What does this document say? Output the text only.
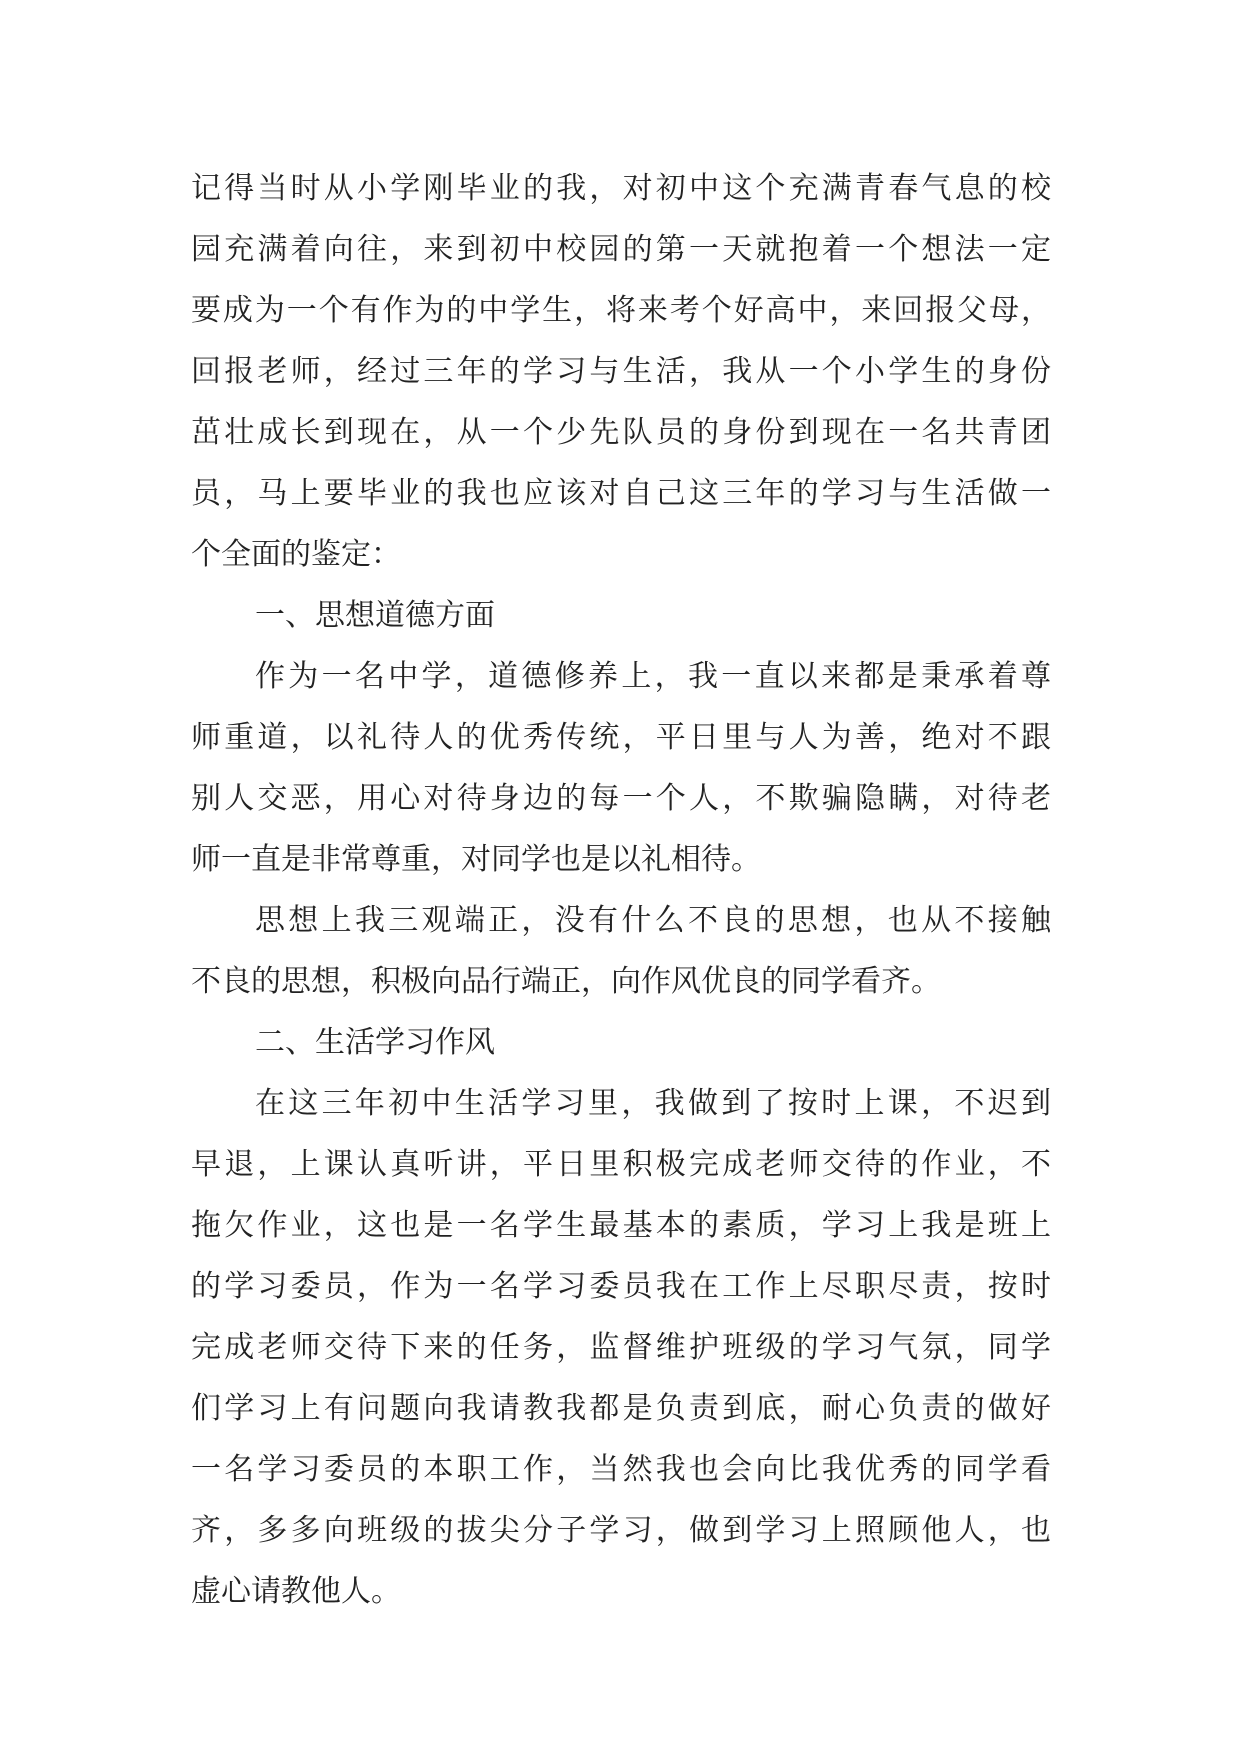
记得当时从小学刚毕业的我，对初中这个充满青春气息的校
园充满着向往，来到初中校园的第一天就抱着一个想法一定
要成为一个有作为的中学生，将来考个好高中，来回报父母，
回报老师，经过三年的学习与生活，我从一个小学生的身份
茁壮成长到现在，从一个少先队员的身份到现在一名共青团
员，马上要毕业的我也应该对自己这三年的学习与生活做一
个全面的鉴定：
一、思想道德方面
作为一名中学，道德修养上，我一直以来都是秉承着尊
师重道，以礼待人的优秀传统，平日里与人为善，绝对不跟
别人交恶，用心对待身边的每一个人，不欺骗隐瞒，对待老
师一直是非常尊重，对同学也是以礼相待。
思想上我三观端正，没有什么不良的思想，也从不接触
不良的思想，积极向品行端正，向作风优良的同学看齐。
二、生活学习作风
在这三年初中生活学习里，我做到了按时上课，不迟到
早退，上课认真听讲，平日里积极完成老师交待的作业，不
拖欠作业，这也是一名学生最基本的素质，学习上我是班上
的学习委员，作为一名学习委员我在工作上尽职尽责，按时
完成老师交待下来的任务，监督维护班级的学习气氛，同学
们学习上有问题向我请教我都是负责到底，耐心负责的做好
一名学习委员的本职工作，当然我也会向比我优秀的同学看
齐，多多向班级的拔尖分子学习，做到学习上照顾他人，也
虚心请教他人。
